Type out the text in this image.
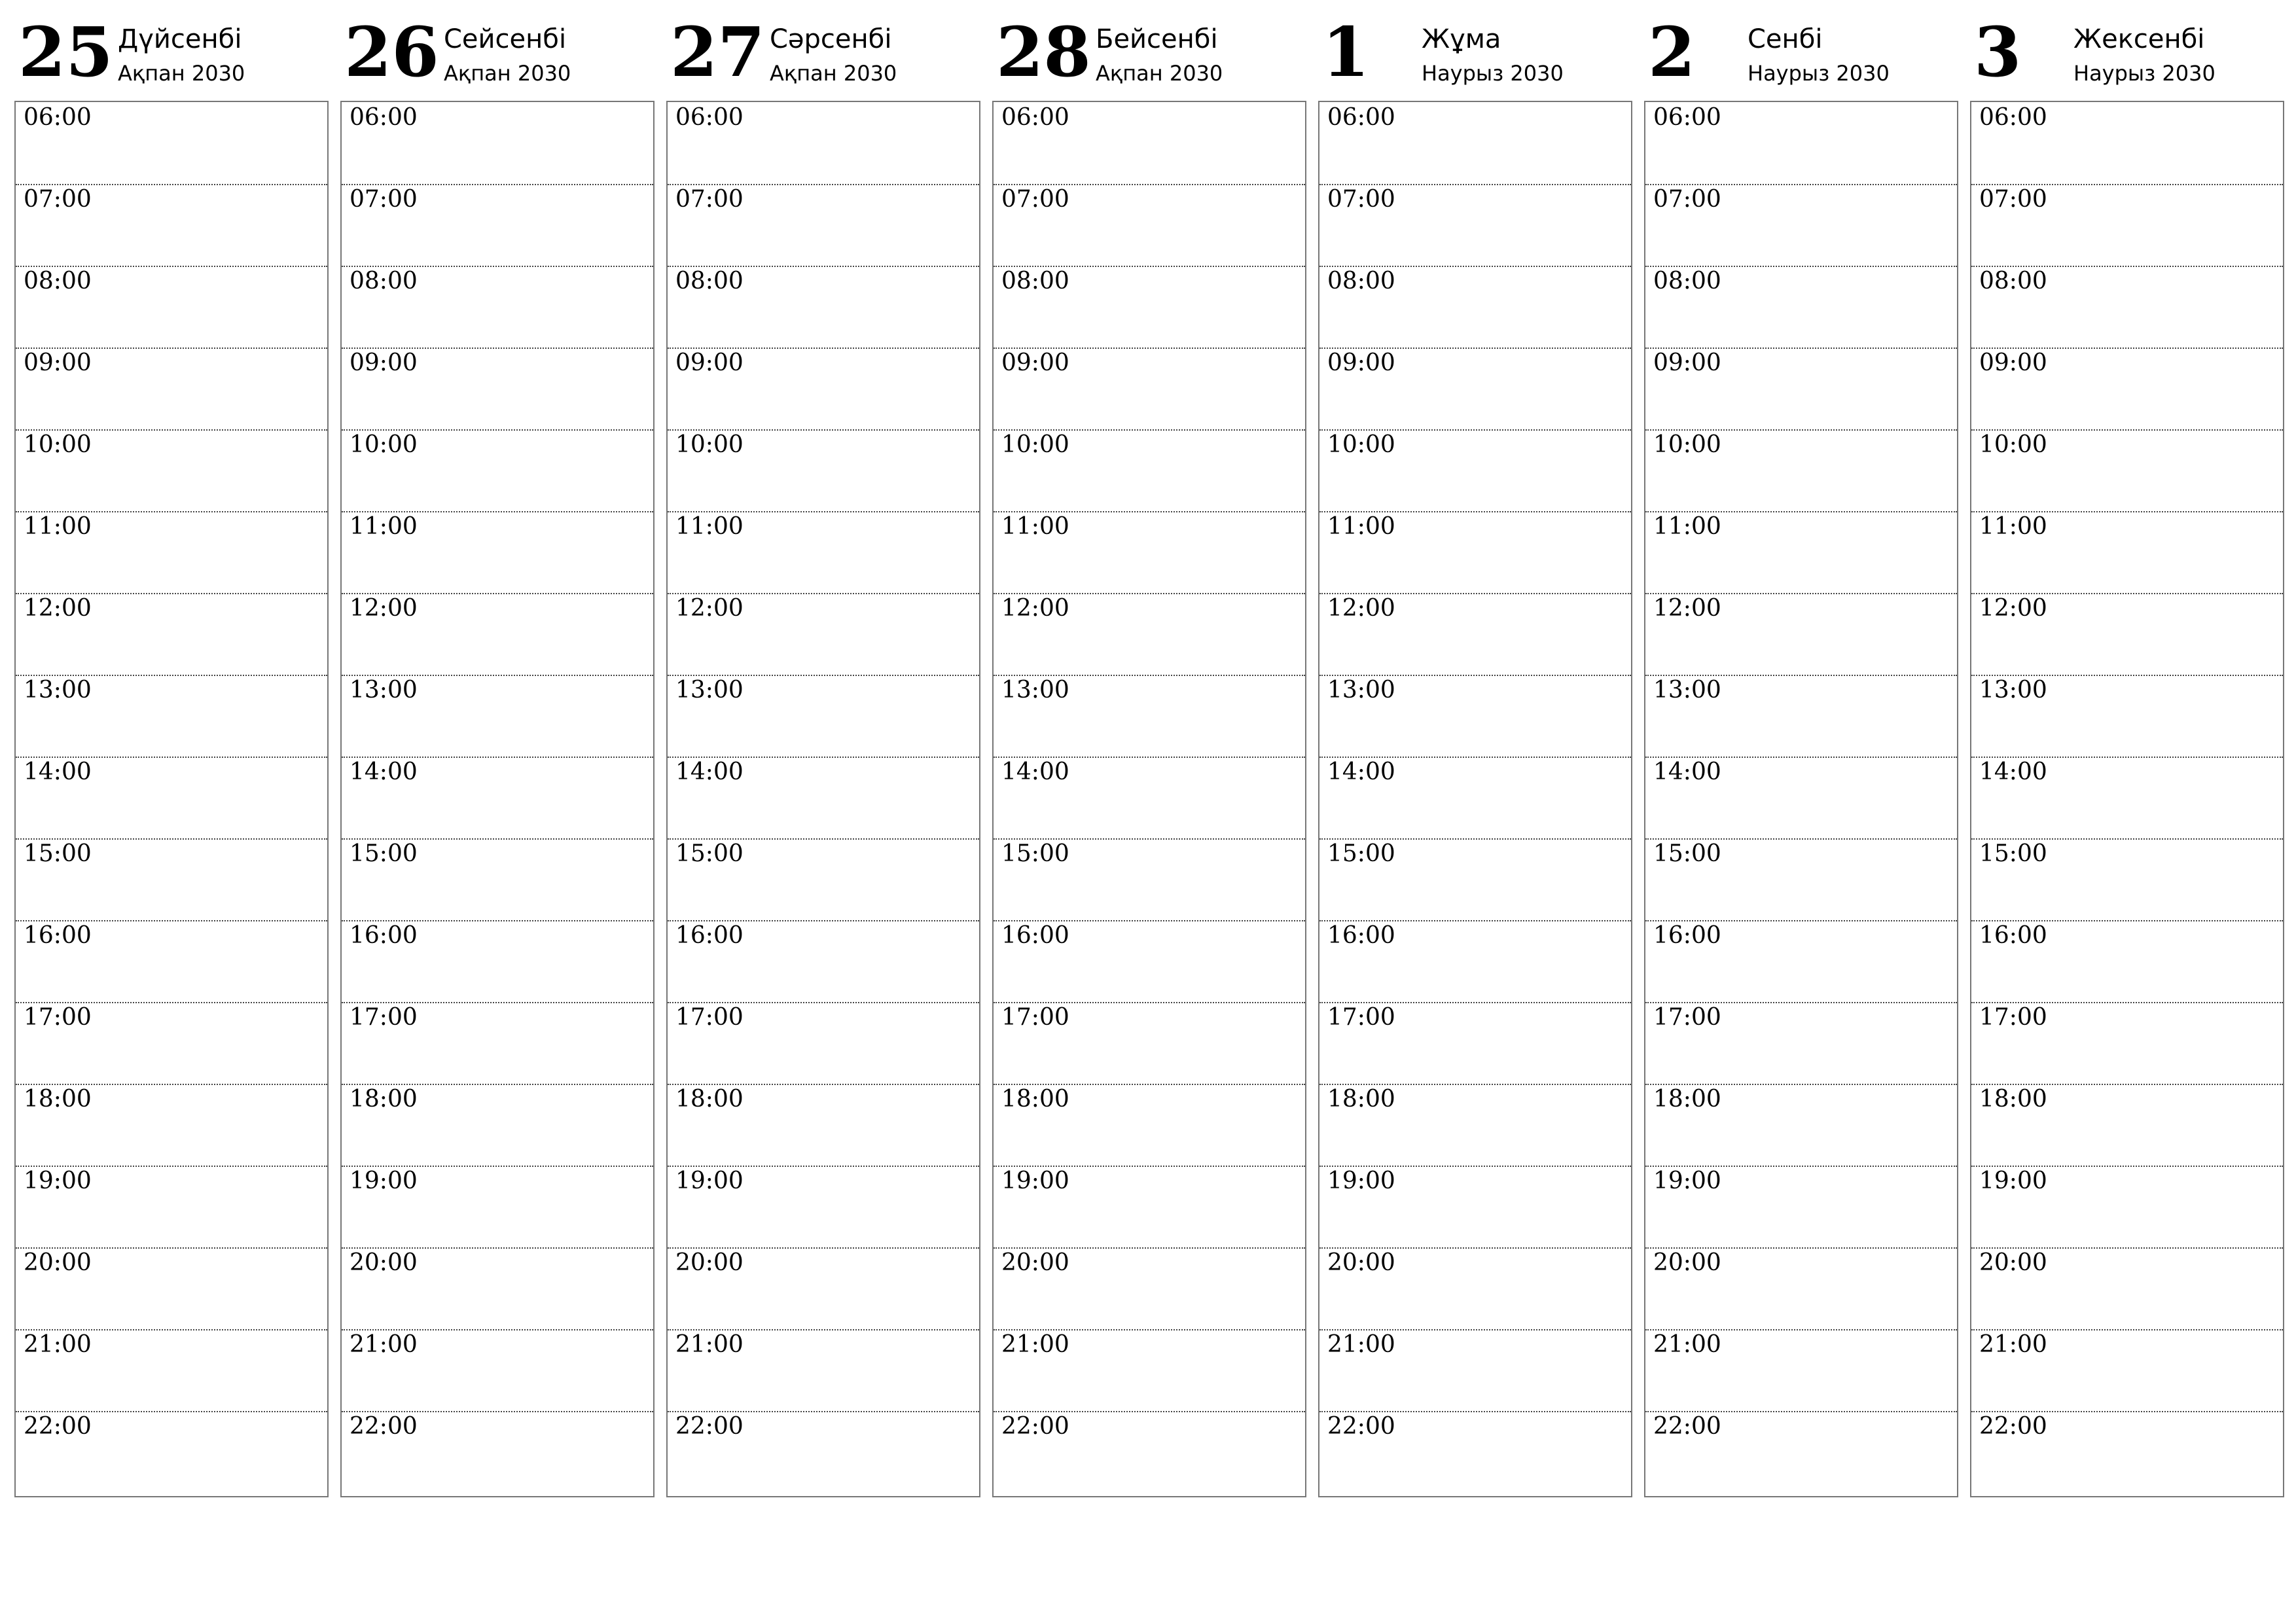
25 Дүйсенбі
Ақпан 2030
06:00
07:00
08:00
09:00
10:00
11:00
12:00
13:00
14:00
15:00
16:00
17:00
18:00
19:00
20:00
21:00
22:00
26 Сейсенбі
Ақпан 2030
06:00
07:00
08:00
09:00
10:00
11:00
12:00
13:00
14:00
15:00
16:00
17:00
18:00
19:00
20:00
21:00
22:00
27 Сәрсенбі
Ақпан 2030
06:00
07:00
08:00
09:00
10:00
11:00
12:00
13:00
14:00
15:00
16:00
17:00
18:00
19:00
20:00
21:00
22:00
28 Бейсенбі
Ақпан 2030
06:00
07:00
08:00
09:00
10:00
11:00
12:00
13:00
14:00
15:00
16:00
17:00
18:00
19:00
20:00
21:00
22:00
1 Жұма
Наурыз 2030
06:00
07:00
08:00
09:00
10:00
11:00
12:00
13:00
14:00
15:00
16:00
17:00
18:00
19:00
20:00
21:00
22:00
2 Сенбі
Наурыз 2030
06:00
07:00
08:00
09:00
10:00
11:00
12:00
13:00
14:00
15:00
16:00
17:00
18:00
19:00
20:00
21:00
22:00
3 Жексенбі
Наурыз 2030
06:00
07:00
08:00
09:00
10:00
11:00
12:00
13:00
14:00
15:00
16:00
17:00
18:00
19:00
20:00
21:00
22:00
